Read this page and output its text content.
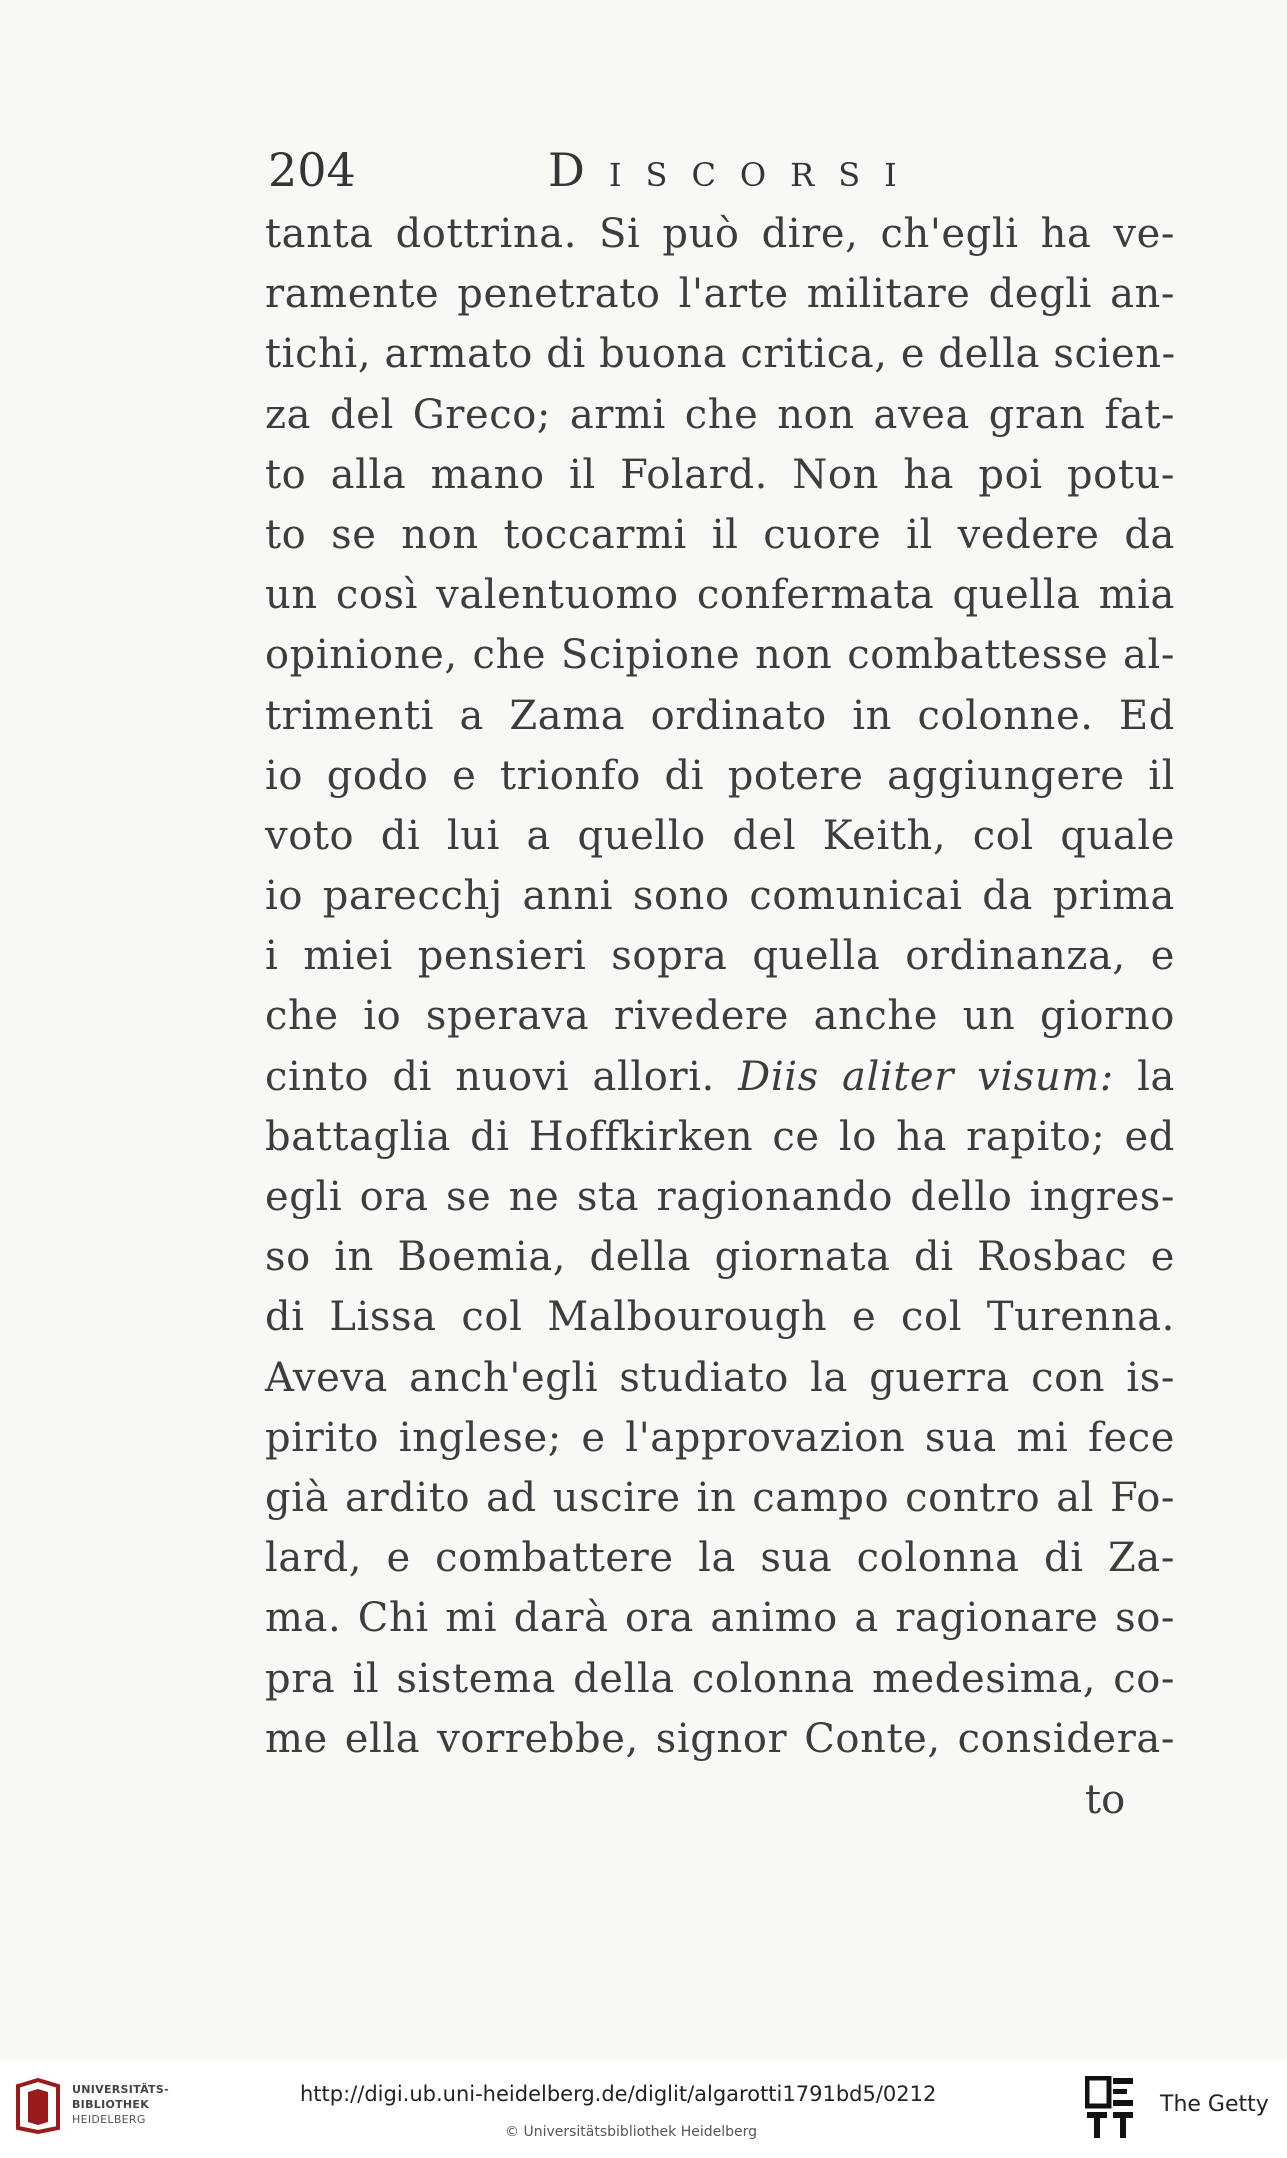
204	Discorsi
tanta dottrina. Si può dire, ch'egli ha ve-
ramente penetrato l'arte militare degli an-
tichi, armato di buona critica, e della scien-
za del Greco; armi che non avea gran fat-
to alla mano il Folard. Non ha poi potu-
to se non toccarmi il cuore il vedere da
un così valentuomo confermata quella mia
opinione, che Scipione non combattesse al-
trimenti a Zama ordinato in colonne. Ed
io godo e trionfo di potere aggiungere il
voto di lui a quello del Keith, col quale
io parecchj anni sono comunicai da prima
i miei pensieri sopra quella ordinanza, e
che io sperava rivedere anche un giorno
cinto di nuovi allori. Diis aliter visum: la
battaglia di Hoffkirken ce lo ha rapito; ed
egli ora se ne sta ragionando dello ingres-
so in Boemia, della giornata di Rosbac e
di Lissa col Malbourough e col Turenna.
Aveva anch'egli studiato la guerra con is-
pirito inglese; e l'approvazion sua mi fece
già ardito ad uscire in campo contro al Fo-
lard, e combattere la sua colonna di Za-
ma. Chi mi darà ora animo a ragionare so-
pra il sistema della colonna medesima, co-
me ella vorrebbe, signor Conte, considera-
to
UNIVERSITÄTS-
BIBLIOTHEK
HEIDELBERG
http://digi.ub.uni-heidelberg.de/diglit/algarotti1791bd5/0212
© Universitätsbibliothek Heidelberg
The Getty
